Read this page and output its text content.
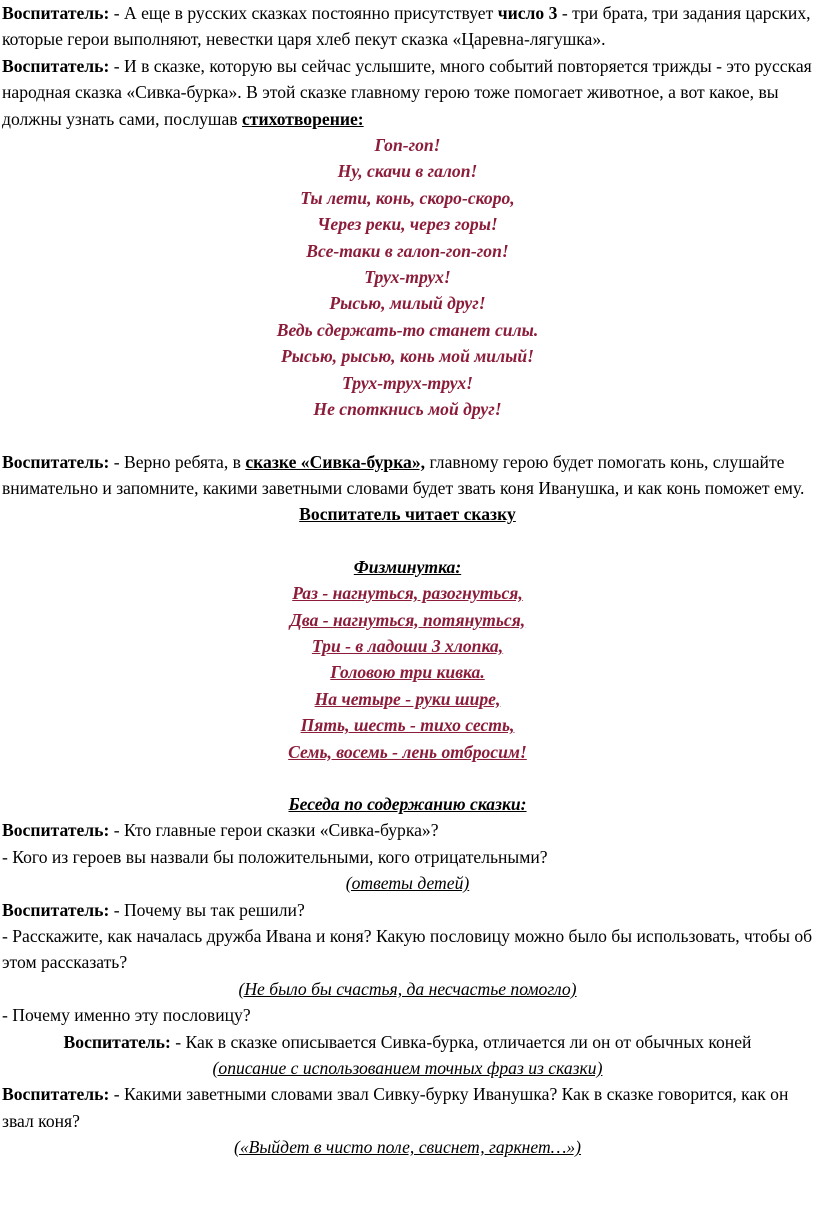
Воспитатель: - А еще в русских сказках постоянно присутствует число 3 - три брата, три задания царских, которые герои выполняют, невестки царя хлеб пекут сказка «Царевна-лягушка».

Воспитатель: - И в сказке, которую вы сейчас услышите, много событий повторяется трижды - это русская народная сказка «Сивка-бурка». В этой сказке главному герою тоже помогает животное, а вот какое, вы должны узнать сами, послушав стихотворение:

Гоп-гоп!

Ну, скачи в галоп!

Ты лети, конь, скоро-скоро,

Через реки, через горы!

Все-таки в галоп-гоп-гоп!

Трух-трух!

Рысью, милый друг!

Ведь сдержать-то станет силы.

Рысью, рысью, конь мой милый!

Трух-трух-трух!

Не споткнись мой друг!

Воспитатель: - Верно ребята, в сказке «Сивка-бурка», главному герою будет помогать конь, слушайте внимательно и запомните, какими заветными словами будет звать коня Иванушка, и как конь поможет ему.

Воспитатель читает сказку

Физминутка:

Раз - нагнуться, разогнуться,

Два - нагнуться, потянуться,

Три - в ладоши 3 хлопка,

Головою три кивка.

На четыре - руки шире,

Пять, шесть - тихо сесть,

Семь, восемь - лень отбросим!

Беседа по содержанию сказки:

Воспитатель: - Кто главные герои сказки «Сивка-бурка»?

- Кого из героев вы назвали бы положительными, кого отрицательными?

(ответы детей)

Воспитатель: - Почему вы так решили?

- Расскажите, как началась дружба Ивана и коня? Какую пословицу можно было бы использовать, чтобы об этом рассказать?

(Не было бы счастья, да несчастье помогло)

- Почему именно эту пословицу?

Воспитатель: - Как в сказке описывается Сивка-бурка, отличается ли он от обычных коней

(описание с использованием точных фраз из сказки)

Воспитатель: - Какими заветными словами звал Сивку-бурку Иванушка? Как в сказке говорится, как он звал коня?

(«Выйдет в чисто поле, свиснет, гаркнет…»)
